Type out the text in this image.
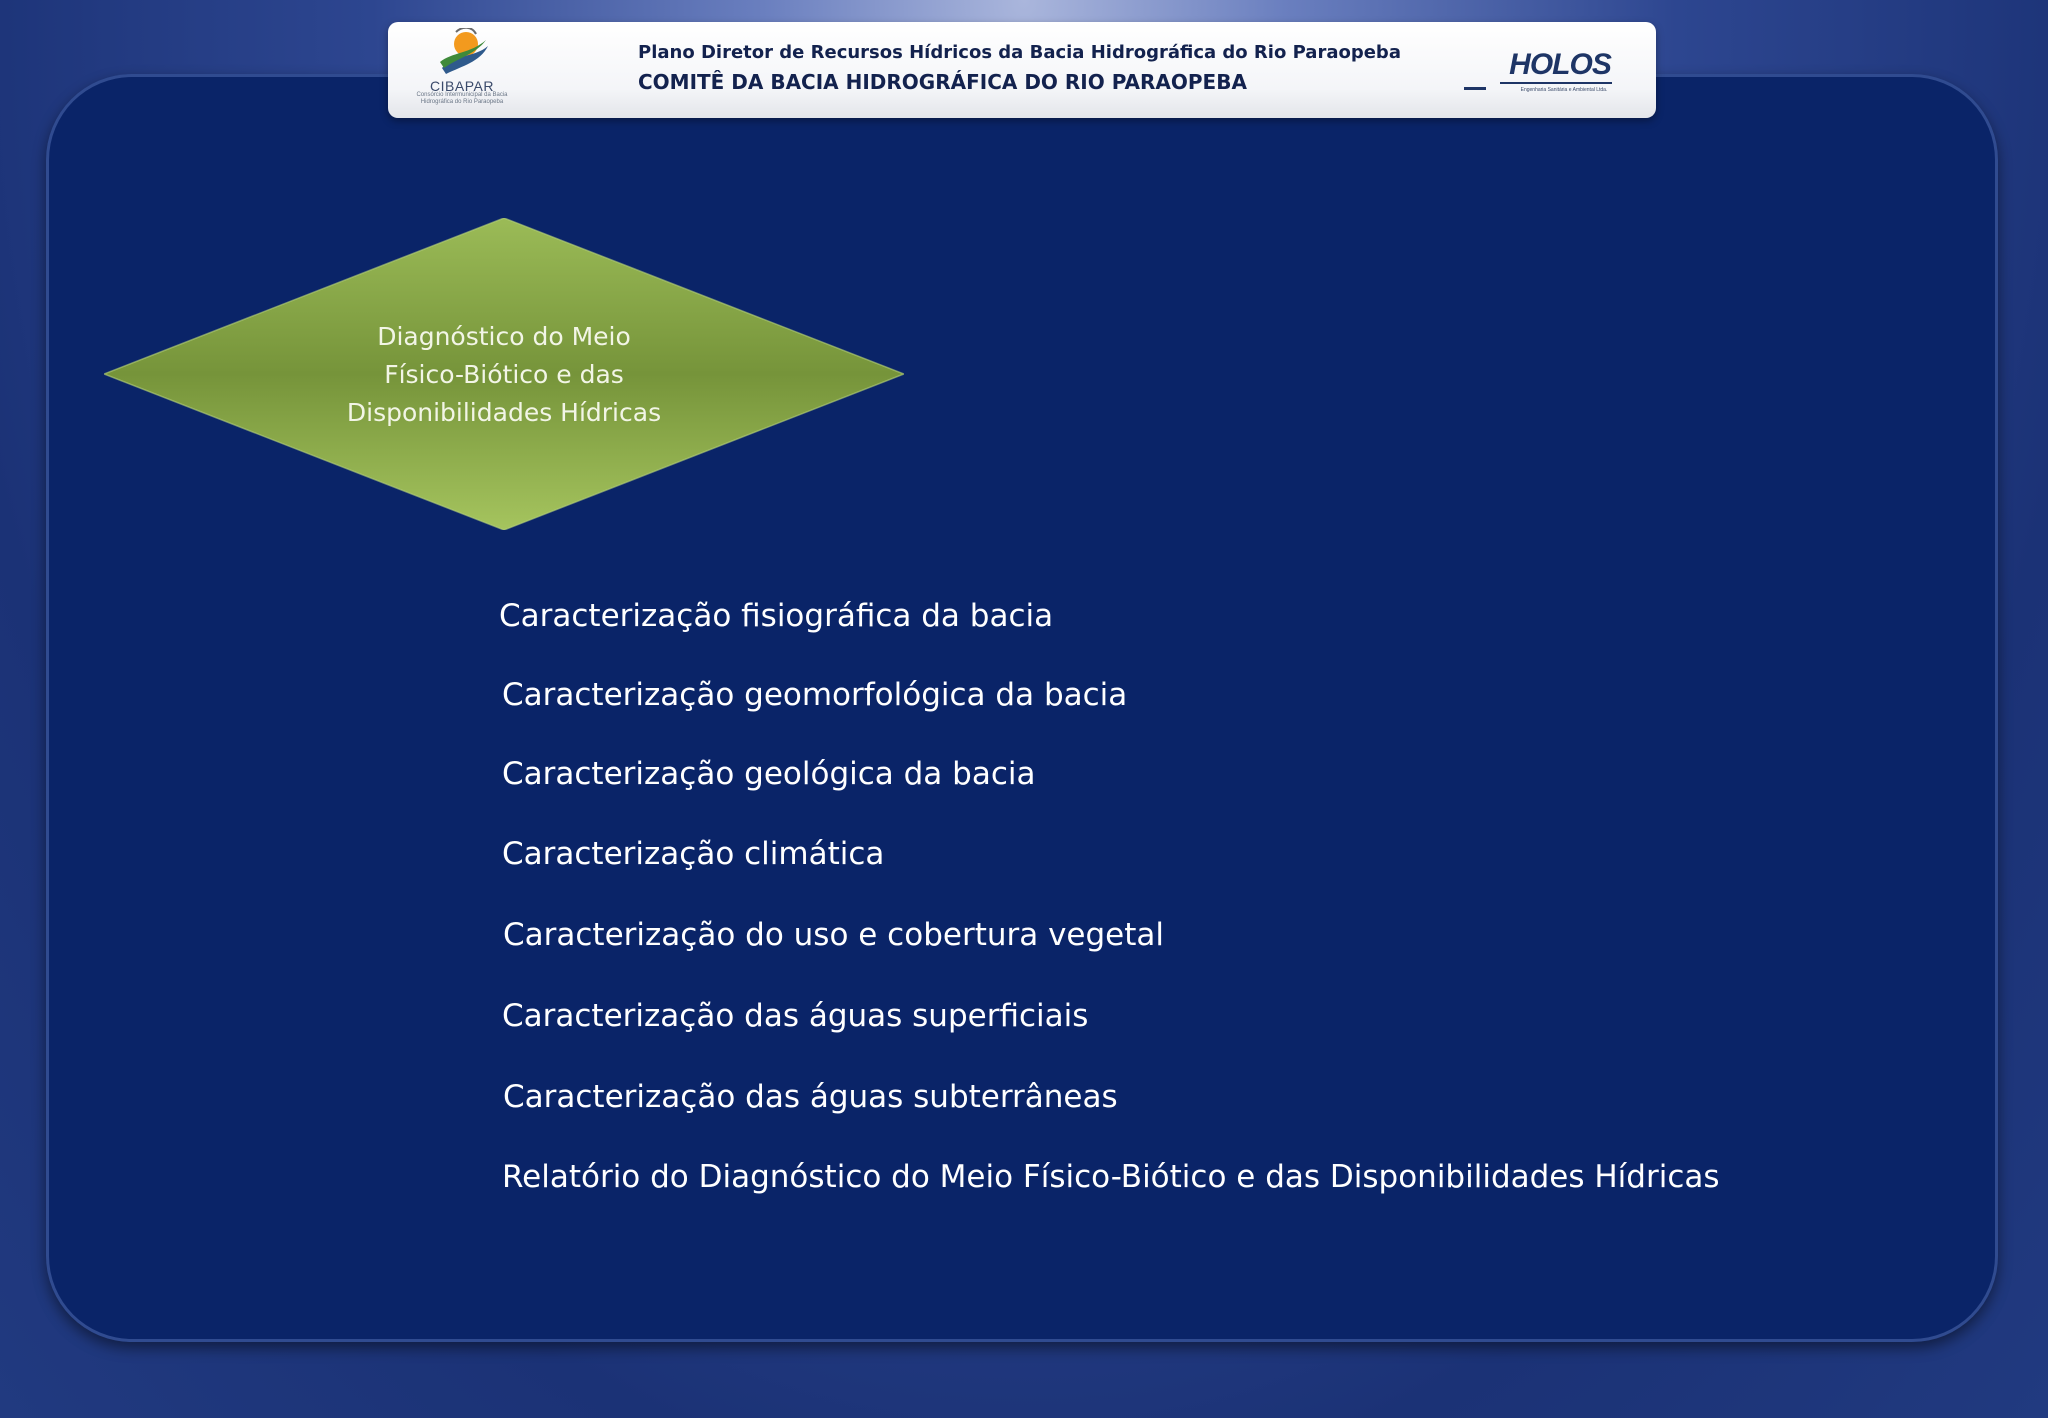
CIBAPAR
Consórcio Intermunicipal da Bacia Hidrográfica do Rio Paraopeba
Plano Diretor de Recursos Hídricos da Bacia Hidrográfica do Rio Paraopeba
COMITÊ DA BACIA HIDROGRÁFICA DO RIO PARAOPEBA
HOLOS
Engenharia Sanitária e Ambiental Ltda.
Diagnóstico do Meio
Físico-Biótico e das
Disponibilidades Hídricas
Caracterização fisiográfica da bacia
Caracterização geomorfológica da bacia
Caracterização geológica da bacia
Caracterização climática
Caracterização do uso e cobertura vegetal
Caracterização das águas superficiais
Caracterização das águas subterrâneas
Relatório do Diagnóstico do Meio Físico-Biótico e das Disponibilidades Hídricas
